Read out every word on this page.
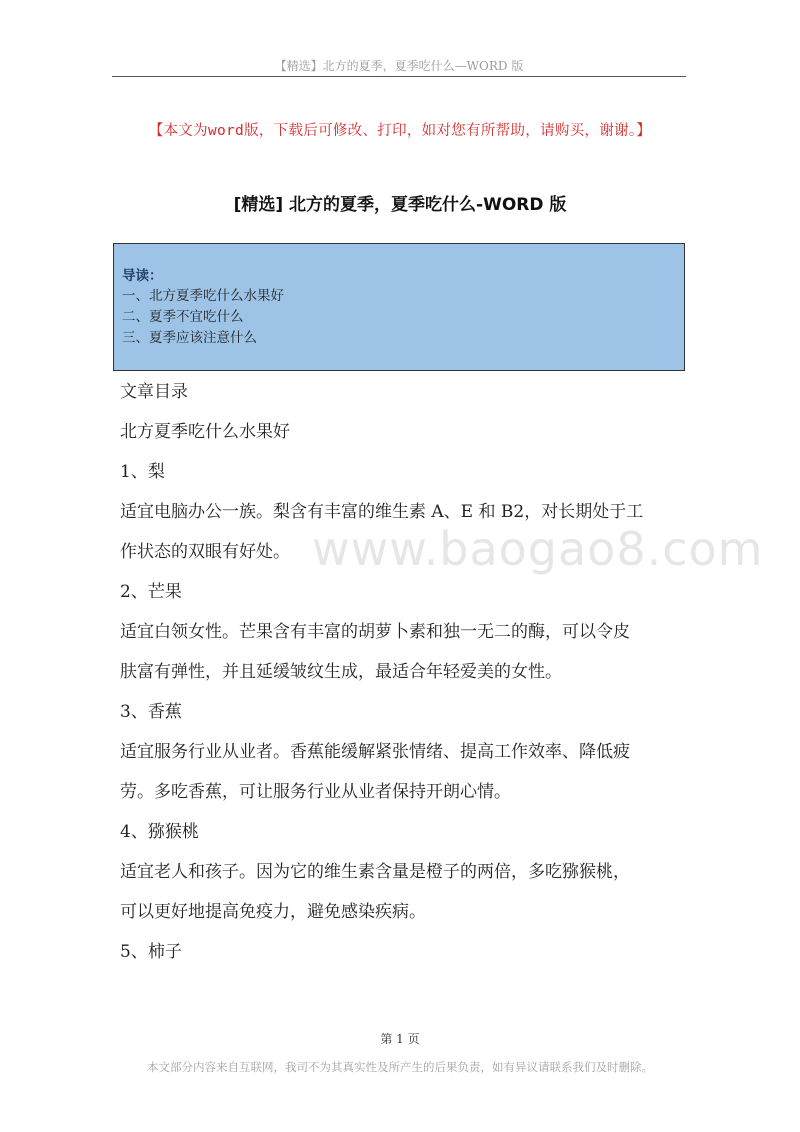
【精选】北方的夏季，夏季吃什么—WORD 版
【本文为word版，下载后可修改、打印，如对您有所帮助，请购买，谢谢。】
[精选] 北方的夏季，夏季吃什么-WORD 版
导读：
一、北方夏季吃什么水果好
二、夏季不宜吃什么
三、夏季应该注意什么

文章目录

北方夏季吃什么水果好

1、梨

适宜电脑办公一族。梨含有丰富的维生素 A、E 和 B2，对长期处于工

作状态的双眼有好处。

2、芒果

适宜白领女性。芒果含有丰富的胡萝卜素和独一无二的酶，可以令皮

肤富有弹性，并且延缓皱纹生成，最适合年轻爱美的女性。

3、香蕉

适宜服务行业从业者。香蕉能缓解紧张情绪、提高工作效率、降低疲

劳。多吃香蕉，可让服务行业从业者保持开朗心情。

4、猕猴桃

适宜老人和孩子。因为它的维生素含量是橙子的两倍，多吃猕猴桃，

可以更好地提高免疫力，避免感染疾病。

5、柿子

www.baogao8.com
第 1 页
本文部分内容来自互联网，我司不为其真实性及所产生的后果负责，如有异议请联系我们及时删除。
